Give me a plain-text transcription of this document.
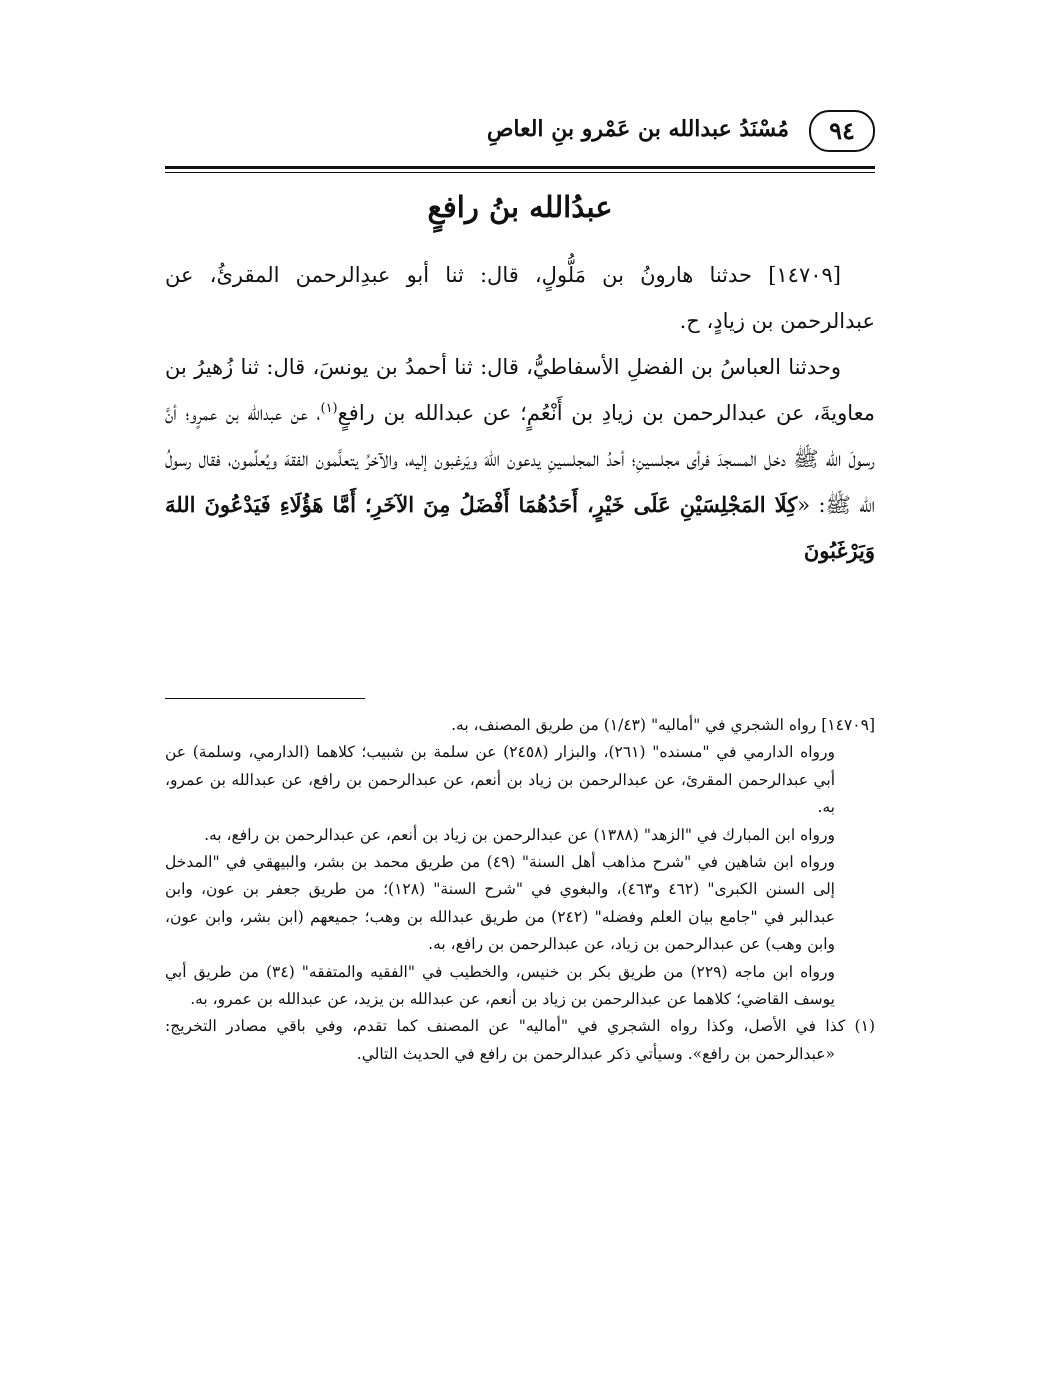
٩٤
مُسْنَدُ عبدالله بن عَمْرو بنِ العاصِ
عبدُالله بنُ رافعٍ

[١٤٧٠٩] حدثنا هارونُ بن مَلُّولٍ، قال: ثنا أبو عبدِالرحمن المقرئُ، عن عبدالرحمن بن زيادٍ، ح.

وحدثنا العباسُ بن الفضلِ الأسفاطيُّ، قال: ثنا أحمدُ بن يونسَ، قال: ثنا زُهيرُ بن معاويةَ، عن عبدالرحمن بن زيادِ بن أَنْعُمٍ؛ عن عبدالله بن رافعٍ$^{(١)}$، عن عبدالله بن عمرٍو؛ أنَّ رسولَ الله ﷺ دخل المسجدَ فرأى مجلسينِ؛ أحدُ المجلسينِ يدعون اللهَ ويَرغبون إليه، والآخرُ يتعلَّمون الفقهَ ويُعلِّمون، فقال رسولُ الله ﷺ: «كِلَا المَجْلِسَيْنِ عَلَى خَيْرٍ، أَحَدُهُمَا أَفْضَلُ مِنَ الآخَرِ؛ أَمَّا هَؤُلَاءِ فَيَدْعُونَ اللهَ وَيَرْغَبُونَ

[١٤٧٠٩] رواه الشجري في "أماليه" (١/٤٣) من طريق المصنف، به.

ورواه الدارمي في "مسنده" (٢٦١)، والبزار (٢٤٥٨) عن سلمة بن شبيب؛ كلاهما (الدارمي، وسلمة) عن أبي عبدالرحمن المقرئ، عن عبدالرحمن بن زياد بن أنعم، عن عبدالرحمن بن رافع، عن عبدالله بن عمرو، به.

ورواه ابن المبارك في "الزهد" (١٣٨٨) عن عبدالرحمن بن زياد بن أنعم، عن عبدالرحمن بن رافع، به.

ورواه ابن شاهين في "شرح مذاهب أهل السنة" (٤٩) من طريق محمد بن بشر، والبيهقي في "المدخل إلى السنن الكبرى" (٤٦٢ و٤٦٣)، والبغوي في "شرح السنة" (١٢٨)؛ من طريق جعفر بن عون، وابن عبدالبر في "جامع بيان العلم وفضله" (٢٤٢) من طريق عبدالله بن وهب؛ جميعهم (ابن بشر، وابن عون، وابن وهب) عن عبدالرحمن بن زياد، عن عبدالرحمن بن رافع، به.

ورواه ابن ماجه (٢٢٩) من طريق بكر بن خنيس، والخطيب في "الفقيه والمتفقه" (٣٤) من طريق أبي يوسف القاضي؛ كلاهما عن عبدالرحمن بن زياد بن أنعم، عن عبدالله بن يزيد، عن عبدالله بن عمرو، به.

(١) كذا في الأصل، وكذا رواه الشجري في "أماليه" عن المصنف كما تقدم، وفي باقي مصادر التخريج: «عبدالرحمن بن رافع». وسيأتي ذكر عبدالرحمن بن رافع في الحديث التالي.
